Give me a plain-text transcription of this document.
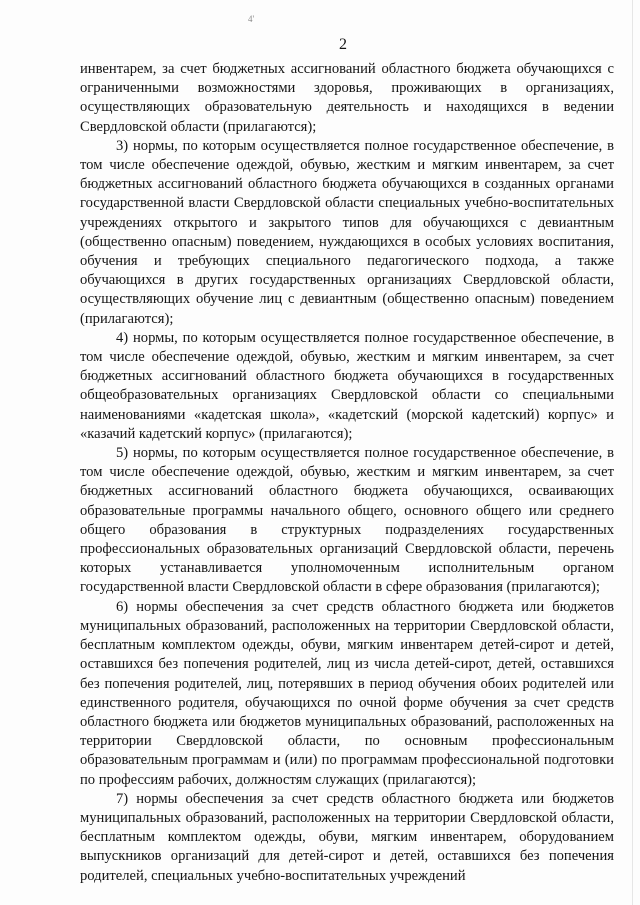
4'
2

инвентарем, за счет бюджетных ассигнований областного бюджета обучающихся с ограниченными возможностями здоровья, проживающих в организациях, осуществляющих образовательную деятельность и находящихся в ведении Свердловской области (прилагаются);

3) нормы, по которым осуществляется полное государственное обеспечение, в том числе обеспечение одеждой, обувью, жестким и мягким инвентарем, за счет бюджетных ассигнований областного бюджета обучающихся в созданных органами государственной власти Свердловской области специальных учебно-воспитательных учреждениях открытого и закрытого типов для обучающихся с девиантным (общественно опасным) поведением, нуждающихся в особых условиях воспитания, обучения и требующих специального педагогического подхода, а также обучающихся в других государственных организациях Свердловской области, осуществляющих обучение лиц с девиантным (общественно опасным) поведением (прилагаются);

4) нормы, по которым осуществляется полное государственное обеспечение, в том числе обеспечение одеждой, обувью, жестким и мягким инвентарем, за счет бюджетных ассигнований областного бюджета обучающихся в государственных общеобразовательных организациях Свердловской области со специальными наименованиями «кадетская школа», «кадетский (морской кадетский) корпус» и «казачий кадетский корпус» (прилагаются);

5) нормы, по которым осуществляется полное государственное обеспечение, в том числе обеспечение одеждой, обувью, жестким и мягким инвентарем, за счет бюджетных ассигнований областного бюджета обучающихся, осваивающих образовательные программы начального общего, основного общего или среднего общего образования в структурных подразделениях государственных профессиональных образовательных организаций Свердловской области, перечень которых устанавливается уполномоченным исполнительным органом государственной власти Свердловской области в сфере образования (прилагаются);

6) нормы обеспечения за счет средств областного бюджета или бюджетов муниципальных образований, расположенных на территории Свердловской области, бесплатным комплектом одежды, обуви, мягким инвентарем детей-сирот и детей, оставшихся без попечения родителей, лиц из числа детей-сирот, детей, оставшихся без попечения родителей, лиц, потерявших в период обучения обоих родителей или единственного родителя, обучающихся по очной форме обучения за счет средств областного бюджета или бюджетов муниципальных образований, расположенных на территории Свердловской области, по основным профессиональным образовательным программам и (или) по программам профессиональной подготовки по профессиям рабочих, должностям служащих (прилагаются);

7) нормы обеспечения за счет средств областного бюджета или бюджетов муниципальных образований, расположенных на территории Свердловской области, бесплатным комплектом одежды, обуви, мягким инвентарем, оборудованием выпускников организаций для детей-сирот и детей, оставшихся без попечения родителей, специальных учебно-воспитательных учреждений
